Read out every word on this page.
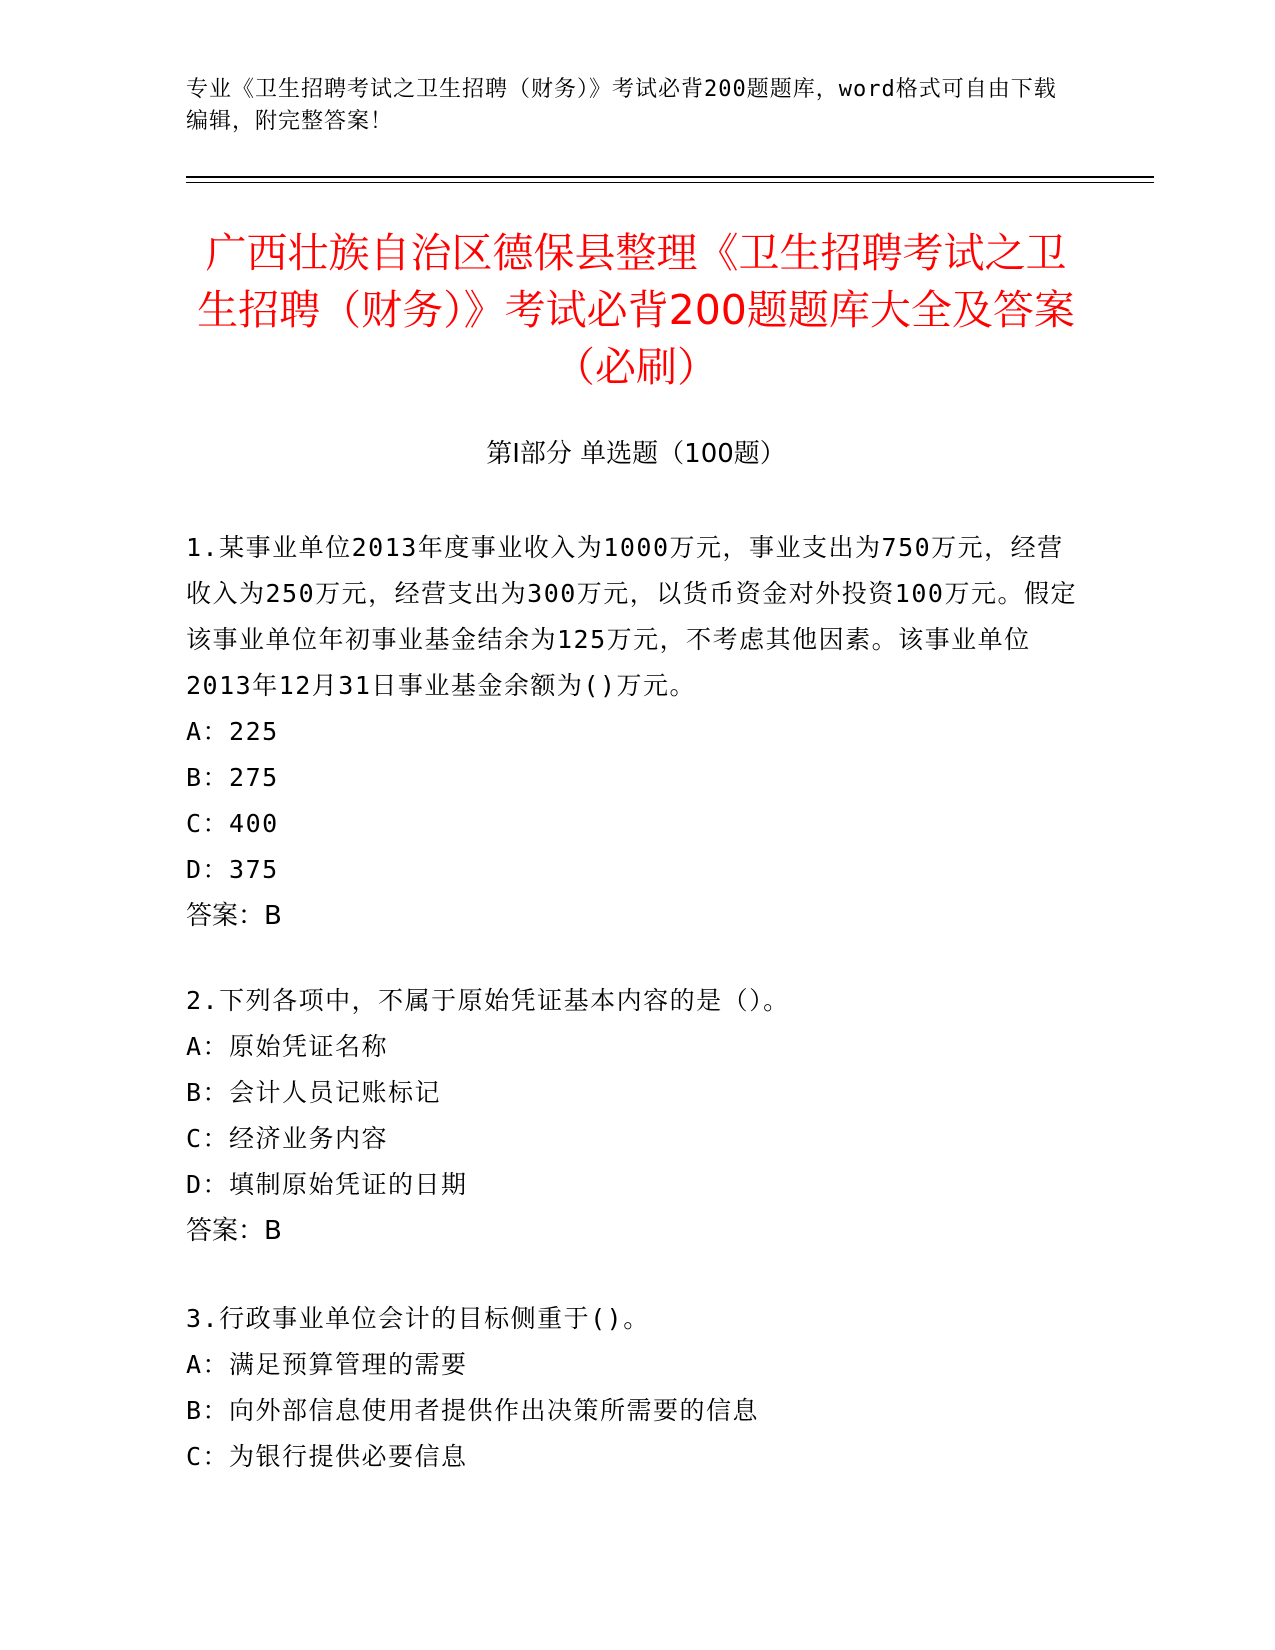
专业《卫生招聘考试之卫生招聘（财务）》考试必背200题题库，word格式可自由下载编辑，附完整答案！
广西壮族自治区德保县整理《卫生招聘考试之卫生招聘（财务）》考试必背200题题库大全及答案（必刷）
第Ⅰ部分 单选题（100题）

1.某事业单位2013年度事业收入为1000万元，事业支出为750万元，经营收入为250万元，经营支出为300万元，以货币资金对外投资100万元。假定该事业单位年初事业基金结余为125万元，不考虑其他因素。该事业单位2013年12月31日事业基金余额为()万元。

A：225

B：275

C：400

D：375

答案：B

2.下列各项中，不属于原始凭证基本内容的是（）。

A：原始凭证名称

B：会计人员记账标记

C：经济业务内容

D：填制原始凭证的日期

答案：B

3.行政事业单位会计的目标侧重于()。

A：满足预算管理的需要

B：向外部信息使用者提供作出决策所需要的信息

C：为银行提供必要信息
